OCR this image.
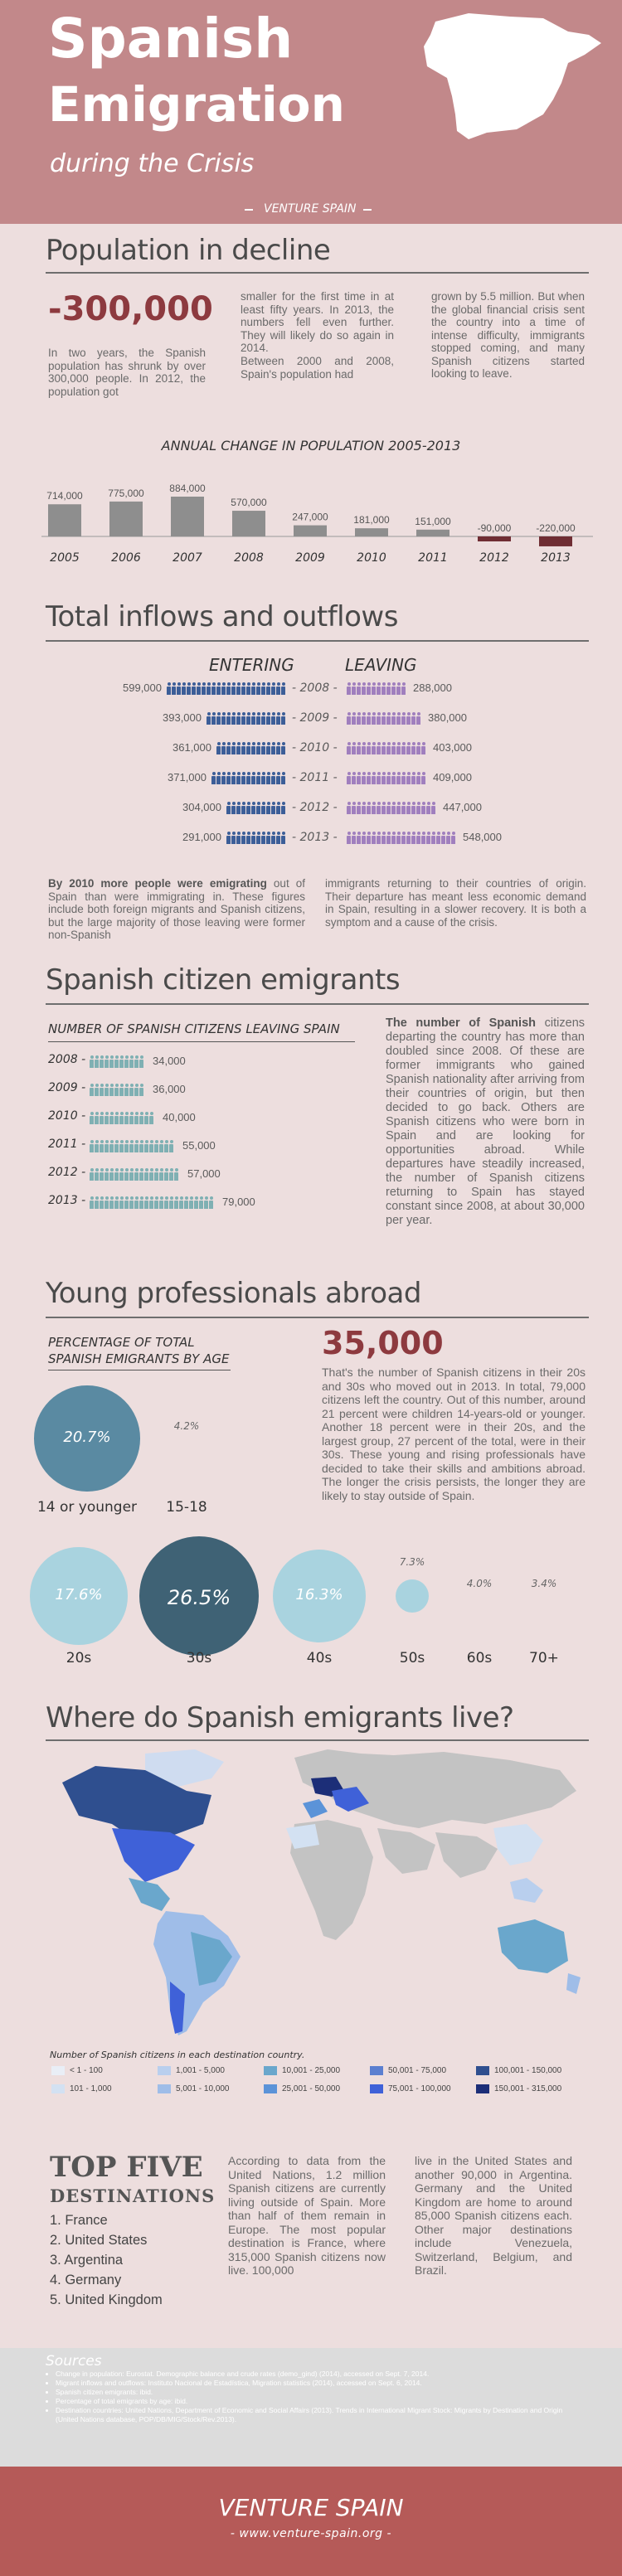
Spanish
Emigration
during the Crisis
VENTURE SPAIN
Population in decline
-300,000
In two years, the Spanish population has shrunk by over 300,000 people. In 2012, the population got
smaller for the first time in at least fifty years. In 2013, the numbers fell even further. They will likely do so again in 2014.
Between 2000 and 2008, Spain's population had
grown by 5.5 million. But when the global financial crisis sent the country into a time of intense difficulty, immigrants stopped coming, and many Spanish citizens started looking to leave.
ANNUAL CHANGE IN POPULATION 2005-2013
714,000
2005
775,000
2006
884,000
2007
570,000
2008
247,000
2009
181,000
2010
151,000
2011
-90,000
2012
-220,000
2013
Total inflows and outflows
ENTERING	LEAVING
599,000	- 2008 -	288,000
393,000	- 2009 -	380,000
361,000	- 2010 -	403,000
371,000	- 2011 -	409,000
304,000	- 2012 -	447,000
291,000	- 2013 -	548,000
By 2010 more people were emigrating out of Spain than were immigrating in. These figures include both foreign migrants and Spanish citizens, but the large majority of those leaving were former non-Spanish
immigrants returning to their countries of origin. Their departure has meant less economic demand in Spain, resulting in a slower recovery. It is both a symptom and a cause of the crisis.
Spanish citizen emigrants
NUMBER OF SPANISH CITIZENS LEAVING SPAIN
2008 -	34,000
2009 -	36,000
2010 -	40,000
2011 -	55,000
2012 -	57,000
2013 -	79,000
The number of Spanish citizens departing the country has more than doubled since 2008. Of these are former immigrants who gained Spanish nationality after arriving from their countries of origin, but then decided to go back. Others are Spanish citizens who were born in Spain and are looking for opportunities abroad. While departures have steadily increased, the number of Spanish citizens returning to Spain has stayed constant since 2008, at about 30,000 per year.
Young professionals abroad
PERCENTAGE OF TOTAL
SPANISH EMIGRANTS BY AGE	35,000
That's the number of Spanish citizens in their 20s and 30s who moved out in 2013. In total, 79,000 citizens left the country. Out of this number, around 21 percent were children 14-years-old or younger. Another 18 percent were in their 20s, and the largest group, 27 percent of the total, were in their 30s. These young and rising professionals have decided to take their skills and ambitions abroad. The longer the crisis persists, the longer they are likely to stay outside of Spain.
20.7%
14 or younger
4.2%
15-18
17.6%
20s
26.5%
30s
16.3%
40s
7.3%
50s
4.0%
60s
3.4%
70+
Where do Spanish emigrants live?
Number of Spanish citizens in each destination country.
< 1 - 100
101 - 1,000
1,001 - 5,000
5,001 - 10,000
10,001 - 25,000
25,001 - 50,000
50,001 - 75,000
75,001 - 100,000
100,001 - 150,000
150,001 - 315,000
TOP FIVE
DESTINATIONS
1. France
2. United States
3. Argentina
4. Germany
5. United Kingdom
According to data from the United Nations, 1.2 million Spanish citizens are currently living outside of Spain. More than half of them remain in Europe. The most popular destination is France, where 315,000 Spanish citizens now live. 100,000
live in the United States and another 90,000 in Argentina. Germany and the United Kingdom are home to around 85,000 Spanish citizens each. Other major destinations include Venezuela, Switzerland, Belgium, and Brazil.
Sources
• Change in population: Eurostat. Demographic balance and crude rates (demo_gind) (2014), accessed on Sept. 7, 2014.
• Migrant inflows and outflows: Instituto Nacional de Estadística, Migration statistics (2014), accessed on Sept. 6, 2014.
• Spanish citizen emigrants: ibid.
• Percentage of total emigrants by age: ibid.
• Destination countries: United Nations, Department of Economic and Social Affairs (2013). Trends in International Migrant Stock: Migrants by Destination and Origin (United Nations database, POP/DB/MIG/Stock/Rev.2013).
VENTURE SPAIN
- www.venture-spain.org -
